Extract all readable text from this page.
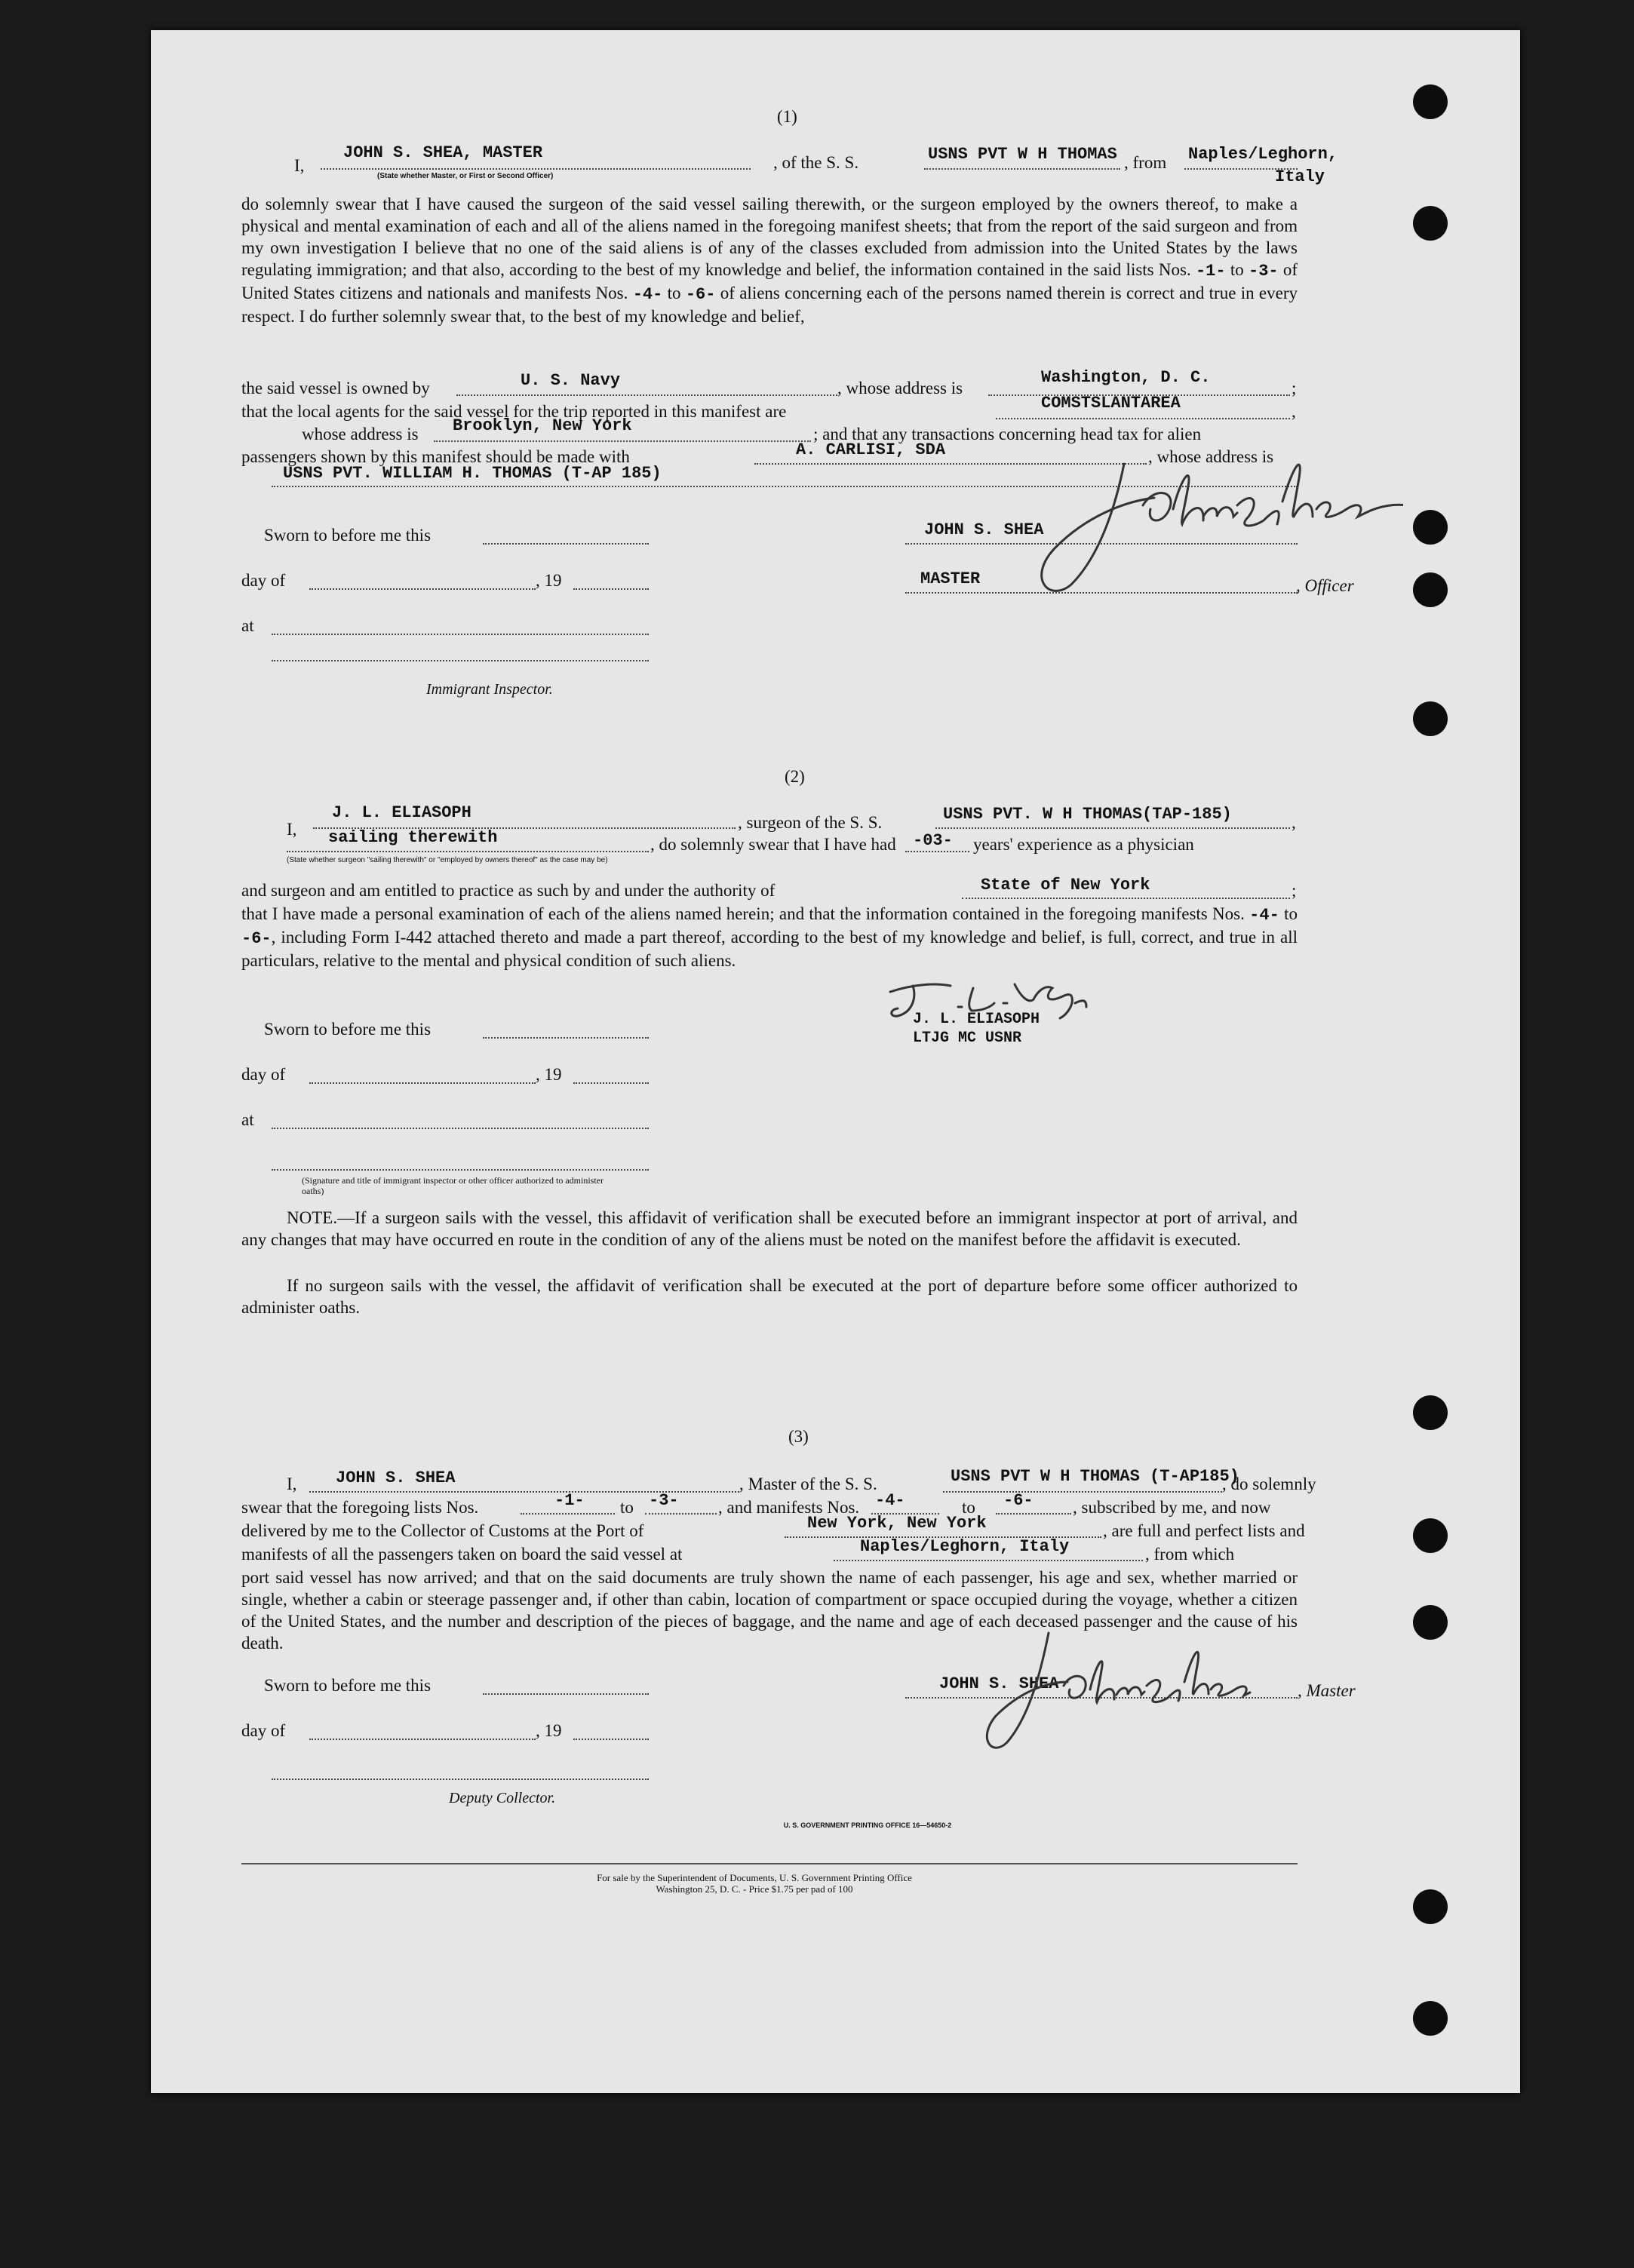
(1)
I,
JOHN S. SHEA, MASTER
(State whether Master, or First or Second Officer)
, of the S. S.	USNS PVT W H THOMAS , from Naples/Leghorn,
Italy
do solemnly swear that I have caused the surgeon of the said vessel sailing therewith, or the surgeon employed by the owners thereof, to make a physical and mental examination of each and all of the aliens named in the foregoing manifest sheets; that from the report of the said surgeon and from my own investigation I believe that no one of the said aliens is of any of the classes excluded from admission into the United States by the laws regulating immigration; and that also, according to the best of my knowledge and belief, the information contained in the said lists Nos. -1- to -3- of United States citizens and nationals and manifests Nos. -4- to -6- of aliens concerning each of the persons named therein is correct and true in every respect. I do further solemnly swear that, to the best of my knowledge and belief,
the said vessel is owned by	U. S. Navy	, whose address is
Washington, D. C.
;
that the local agents for the said vessel for the trip reported in this manifest are	COMSTSLANTAREA	,
whose address is Brooklyn, New York	; and that any transactions concerning head tax for alien
passengers shown by this manifest should be made with	A. CARLISI, SDA	, whose address is
USNS PVT. WILLIAM H. THOMAS (T-AP 185)
Sworn to before me this
day of	, 19
at
Immigrant Inspector.
JOHN S. SHEA
MASTER	, Officer
(2)
I,
J. L. ELIASOPH
, surgeon of the S. S.	USNS PVT. W H THOMAS(TAP-185)	,
sailing therewith	, do solemnly swear that I have had -03- years' experience as a physician
(State whether surgeon "sailing therewith" or "employed by owners thereof" as the case may be)
and surgeon and am entitled to practice as such by and under the authority of	State of New York	;
that I have made a personal examination of each of the aliens named herein; and that the information contained in the foregoing manifests Nos. -4- to -6-, including Form I-442 attached thereto and made a part thereof, according to the best of my knowledge and belief, is full, correct, and true in all particulars, relative to the mental and physical condition of such aliens.
J. L. ELIASOPH
LTJG MC USNR
Sworn to before me this
day of	, 19
at
(Signature and title of immigrant inspector or other officer authorized to administer oaths)
NOTE.—If a surgeon sails with the vessel, this affidavit of verification shall be executed before an immigrant inspector at port of arrival, and any changes that may have occurred en route in the condition of any of the aliens must be noted on the manifest before the affidavit is executed.
If no surgeon sails with the vessel, the affidavit of verification shall be executed at the port of departure before some officer authorized to administer oaths.
(3)
I, JOHN S. SHEA	, Master of the S. S.	USNS PVT W H THOMAS (T-AP185)
, do solemnly
swear that the foregoing lists Nos.	-1- to -3- , and manifests Nos. -4-	to -6- , subscribed by me, and now
delivered by me to the Collector of Customs at the Port of	New York, New York	, are full and perfect lists and
manifests of all the passengers taken on board the said vessel at	Naples/Leghorn, Italy	, from which
port said vessel has now arrived; and that on the said documents are truly shown the name of each passenger, his age and sex, whether married or single, whether a cabin or steerage passenger and, if other than cabin, location of compartment or space occupied during the voyage, whether a citizen of the United States, and the number and description of the pieces of baggage, and the name and age of each deceased passenger and the cause of his death.
Sworn to before me this
day of	, 19
Deputy Collector.
JOHN S. SHEA	, Master
U. S. GOVERNMENT PRINTING OFFICE 16—54650-2
For sale by the Superintendent of Documents, U. S. Government Printing Office
Washington 25, D. C. - Price $1.75 per pad of 100
